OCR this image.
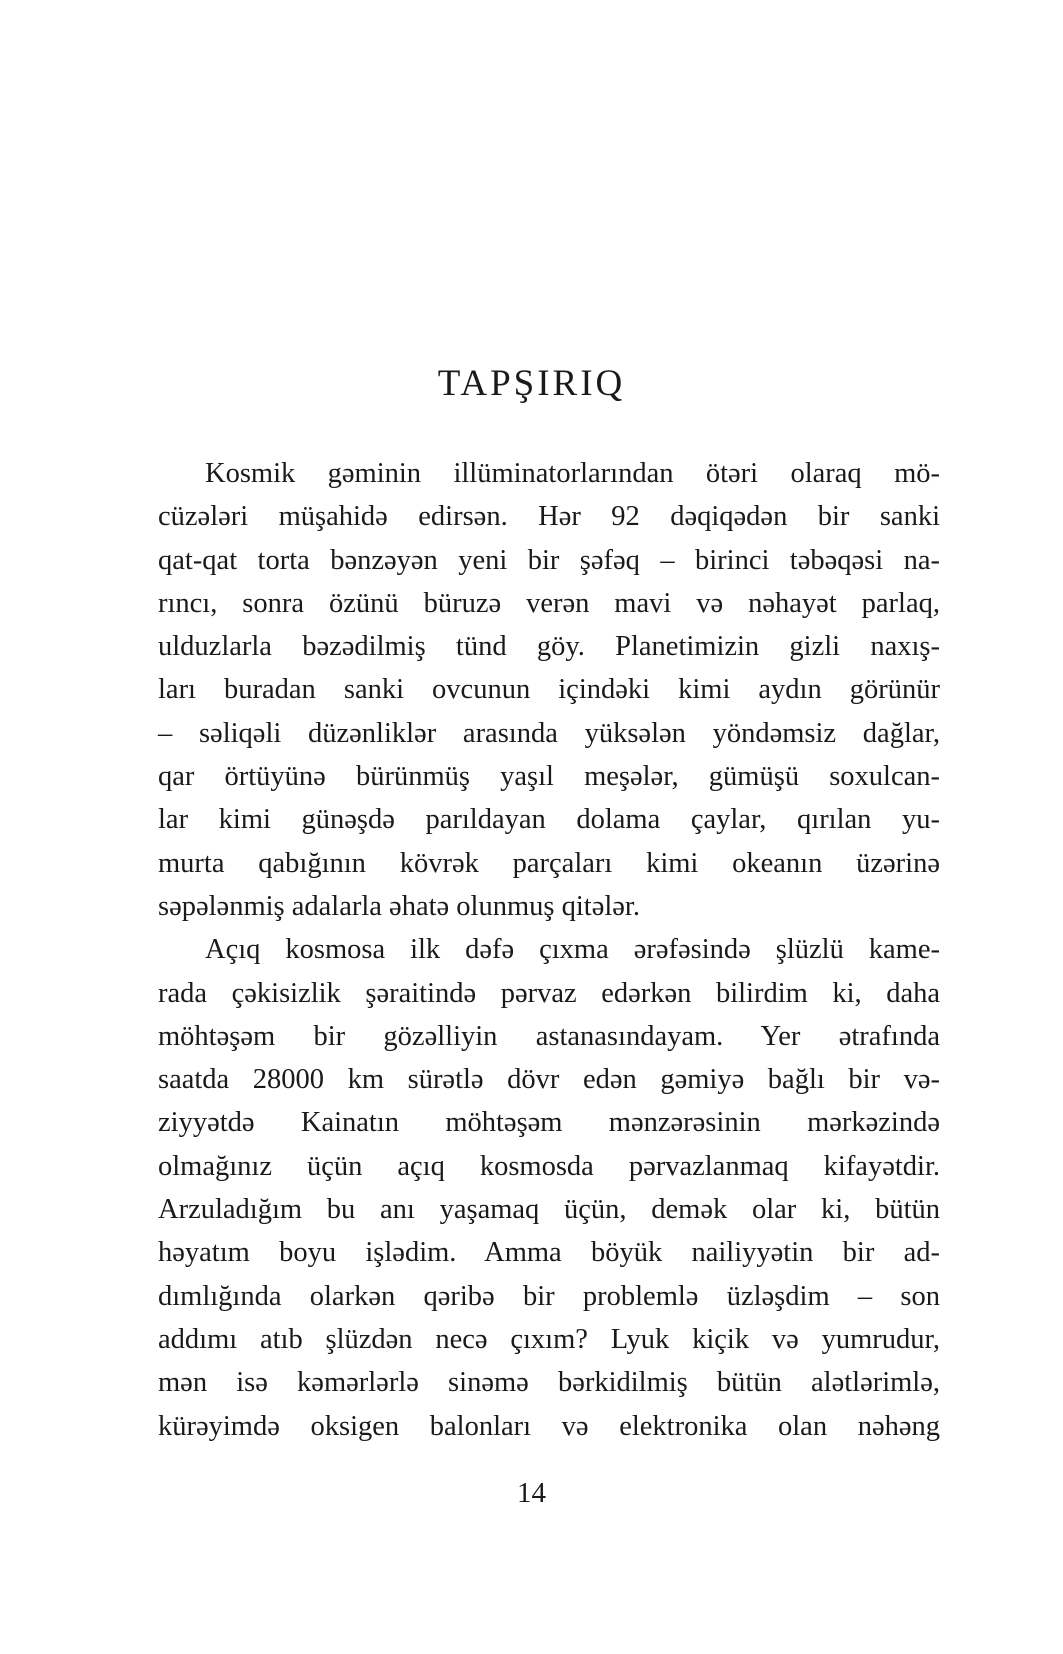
TAPŞIRIQ
Kosmik gəminin illüminatorlarından ötəri olaraq mö-
cüzələri müşahidə edirsən. Hər 92 dəqiqədən bir sanki
qat-qat torta bənzəyən yeni bir şəfəq – birinci təbəqəsi na-
rıncı, sonra özünü büruzə verən mavi və nəhayət parlaq,
ulduzlarla bəzədilmiş tünd göy. Planetimizin gizli naxış-
ları buradan sanki ovcunun içindəki kimi aydın görünür
– səliqəli düzənliklər arasında yüksələn yöndəmsiz dağlar,
qar örtüyünə bürünmüş yaşıl meşələr, gümüşü soxulcan-
lar kimi günəşdə parıldayan dolama çaylar, qırılan yu-
murta qabığının kövrək parçaları kimi okeanın üzərinə
səpələnmiş adalarla əhatə olunmuş qitələr.
Açıq kosmosa ilk dəfə çıxma ərəfəsində şlüzlü kame-
rada çəkisizlik şəraitində pərvaz edərkən bilirdim ki, daha
möhtəşəm bir gözəlliyin astanasındayam. Yer ətrafında
saatda 28000 km sürətlə dövr edən gəmiyə bağlı bir və-
ziyyətdə Kainatın möhtəşəm mənzərəsinin mərkəzində
olmağınız üçün açıq kosmosda pərvazlanmaq kifayətdir.
Arzuladığım bu anı yaşamaq üçün, demək olar ki, bütün
həyatım boyu işlədim. Amma böyük nailiyyətin bir ad-
dımlığında olarkən qəribə bir problemlə üzləşdim – son
addımı atıb şlüzdən necə çıxım? Lyuk kiçik və yumrudur,
mən isə kəmərlərlə sinəmə bərkidilmiş bütün alətlərimlə,
kürəyimdə oksigen balonları və elektronika olan nəhəng
14
